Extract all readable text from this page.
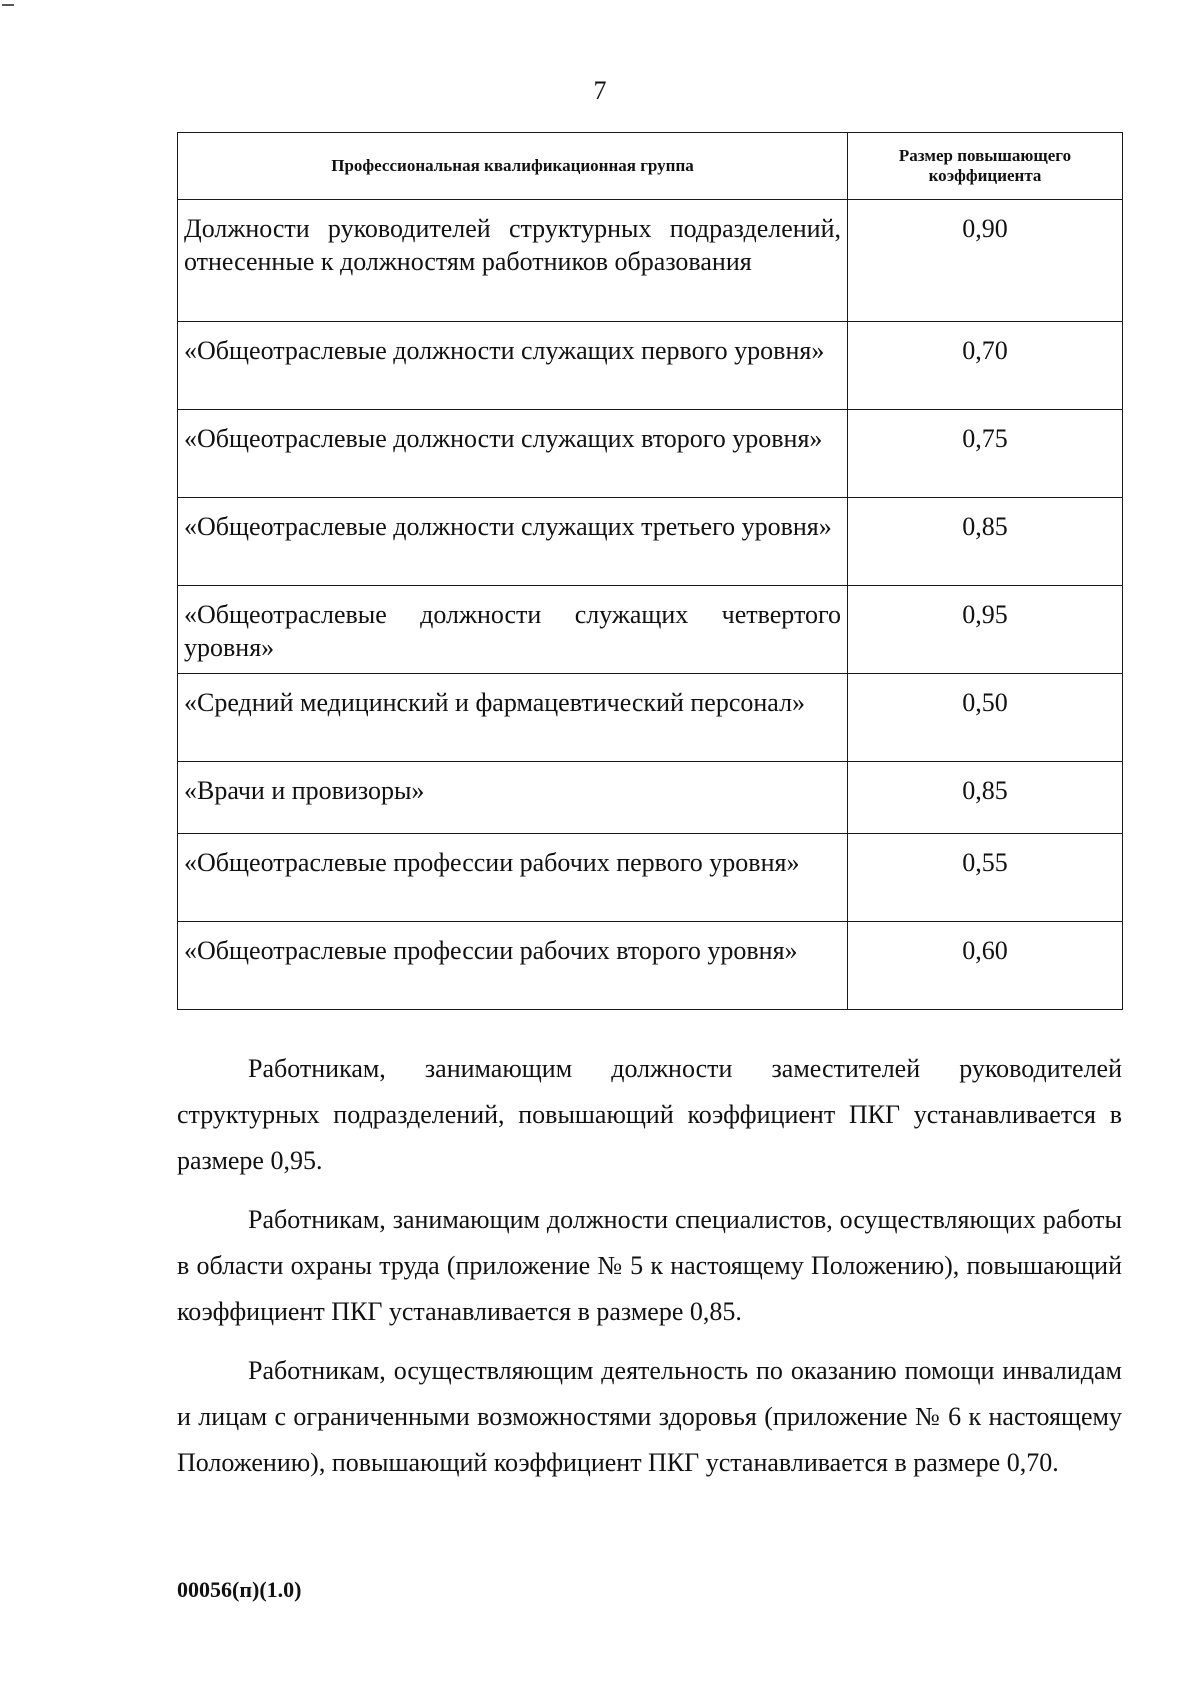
7
Профессиональная квалификационная группа	Размер повышающего коэффициента
Должности руководителей структурных подразделений, отнесенные к должностям работников образования	0,90
«Общеотраслевые должности служащих первого уровня»	0,70
«Общеотраслевые должности служащих второго уровня»	0,75
«Общеотраслевые должности служащих третьего уровня»	0,85
«Общеотраслевые должности служащих четвертого уровня»	0,95
«Средний медицинский и фармацевтический персонал»	0,50
«Врачи и провизоры»	0,85
«Общеотраслевые профессии рабочих первого уровня»	0,55
«Общеотраслевые профессии рабочих второго уровня»	0,60

Работникам, занимающим должности заместителей руководителей структурных подразделений, повышающий коэффициент ПКГ устанавливается в размере 0,95.

Работникам, занимающим должности специалистов, осуществляющих работы в области охраны труда (приложение № 5 к настоящему Положению), повышающий коэффициент ПКГ устанавливается в размере 0,85.

Работникам, осуществляющим деятельность по оказанию помощи инвалидам и лицам с ограниченными возможностями здоровья (приложение № 6 к настоящему Положению), повышающий коэффициент ПКГ устанавливается в размере 0,70.

00056(п)(1.0)
